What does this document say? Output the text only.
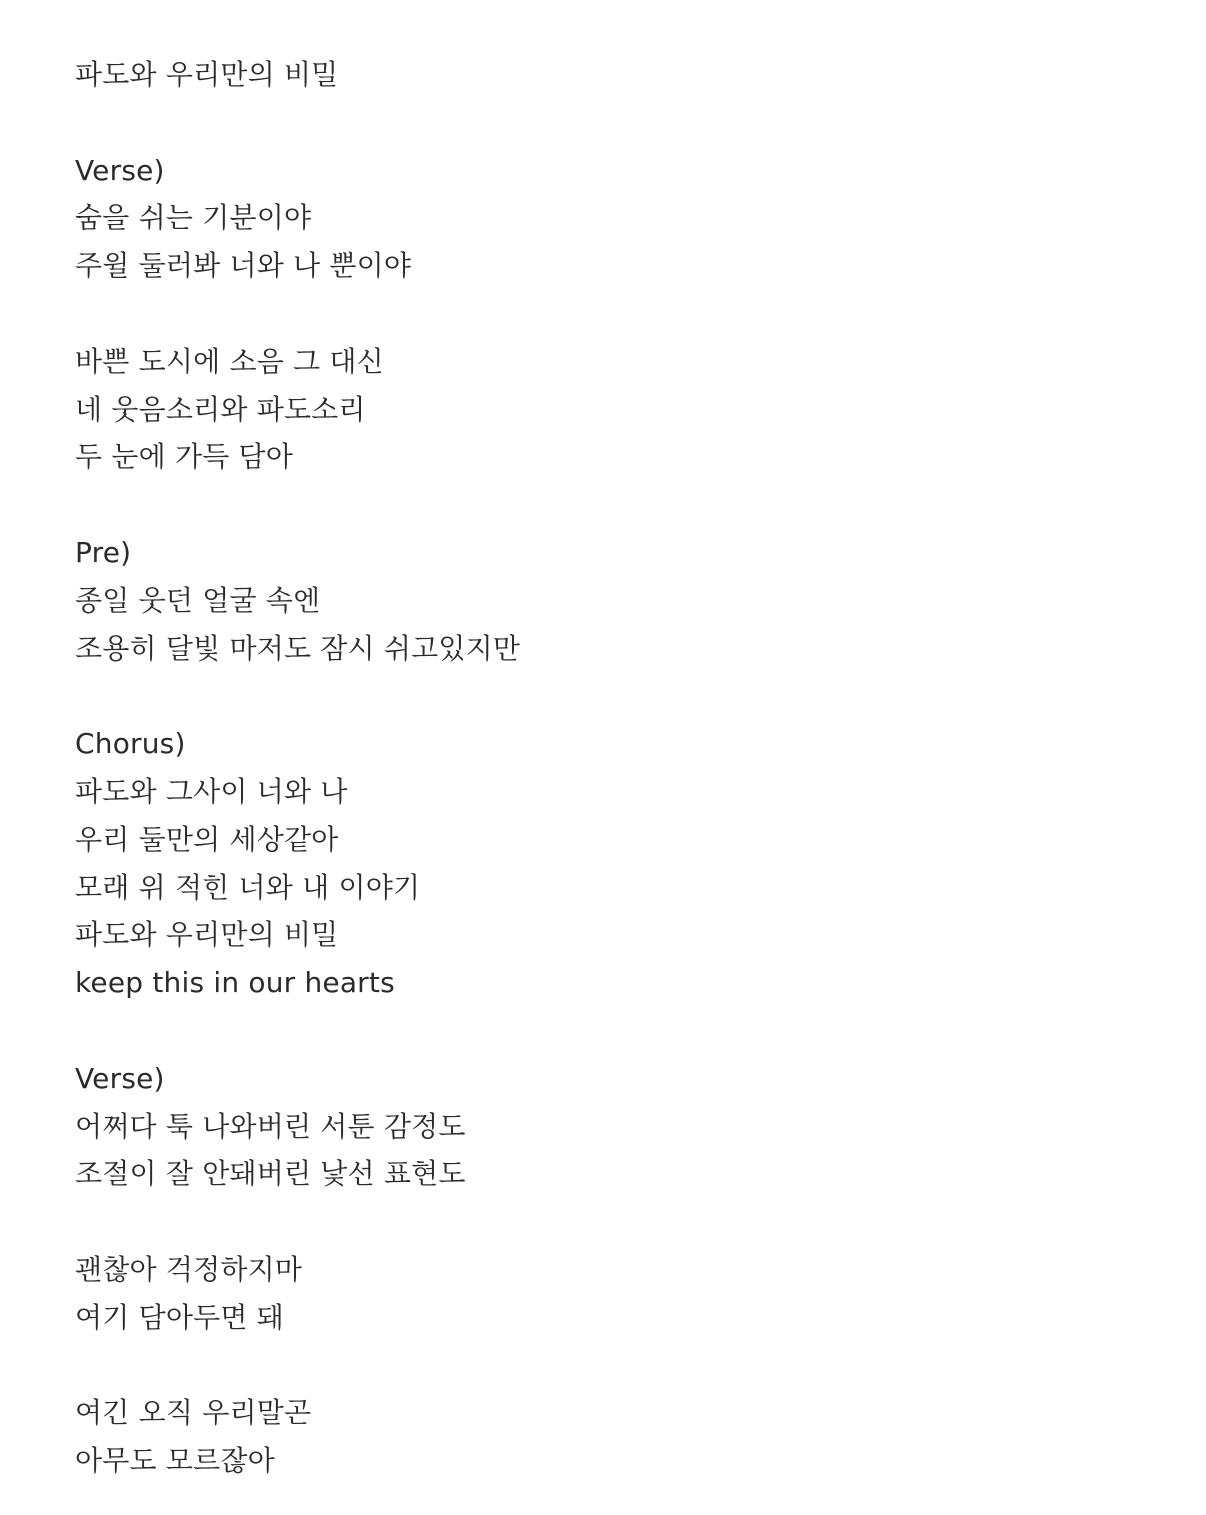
파도와 우리만의 비밀
Verse)
숨을 쉬는 기분이야
주윌 둘러봐 너와 나 뿐이야
바쁜 도시에 소음 그 대신
네 웃음소리와 파도소리
두 눈에 가득 담아
Pre)
종일 웃던 얼굴 속엔
조용히 달빛 마저도 잠시 쉬고있지만
Chorus)
파도와 그사이 너와 나
우리 둘만의 세상같아
모래 위 적힌 너와 내 이야기
파도와 우리만의 비밀
keep this in our hearts
Verse)
어쩌다 툭 나와버린 서툰 감정도
조절이 잘 안돼버린 낯선 표현도
괜찮아 걱정하지마
여기 담아두면 돼
여긴 오직 우리말곤
아무도 모르잖아
